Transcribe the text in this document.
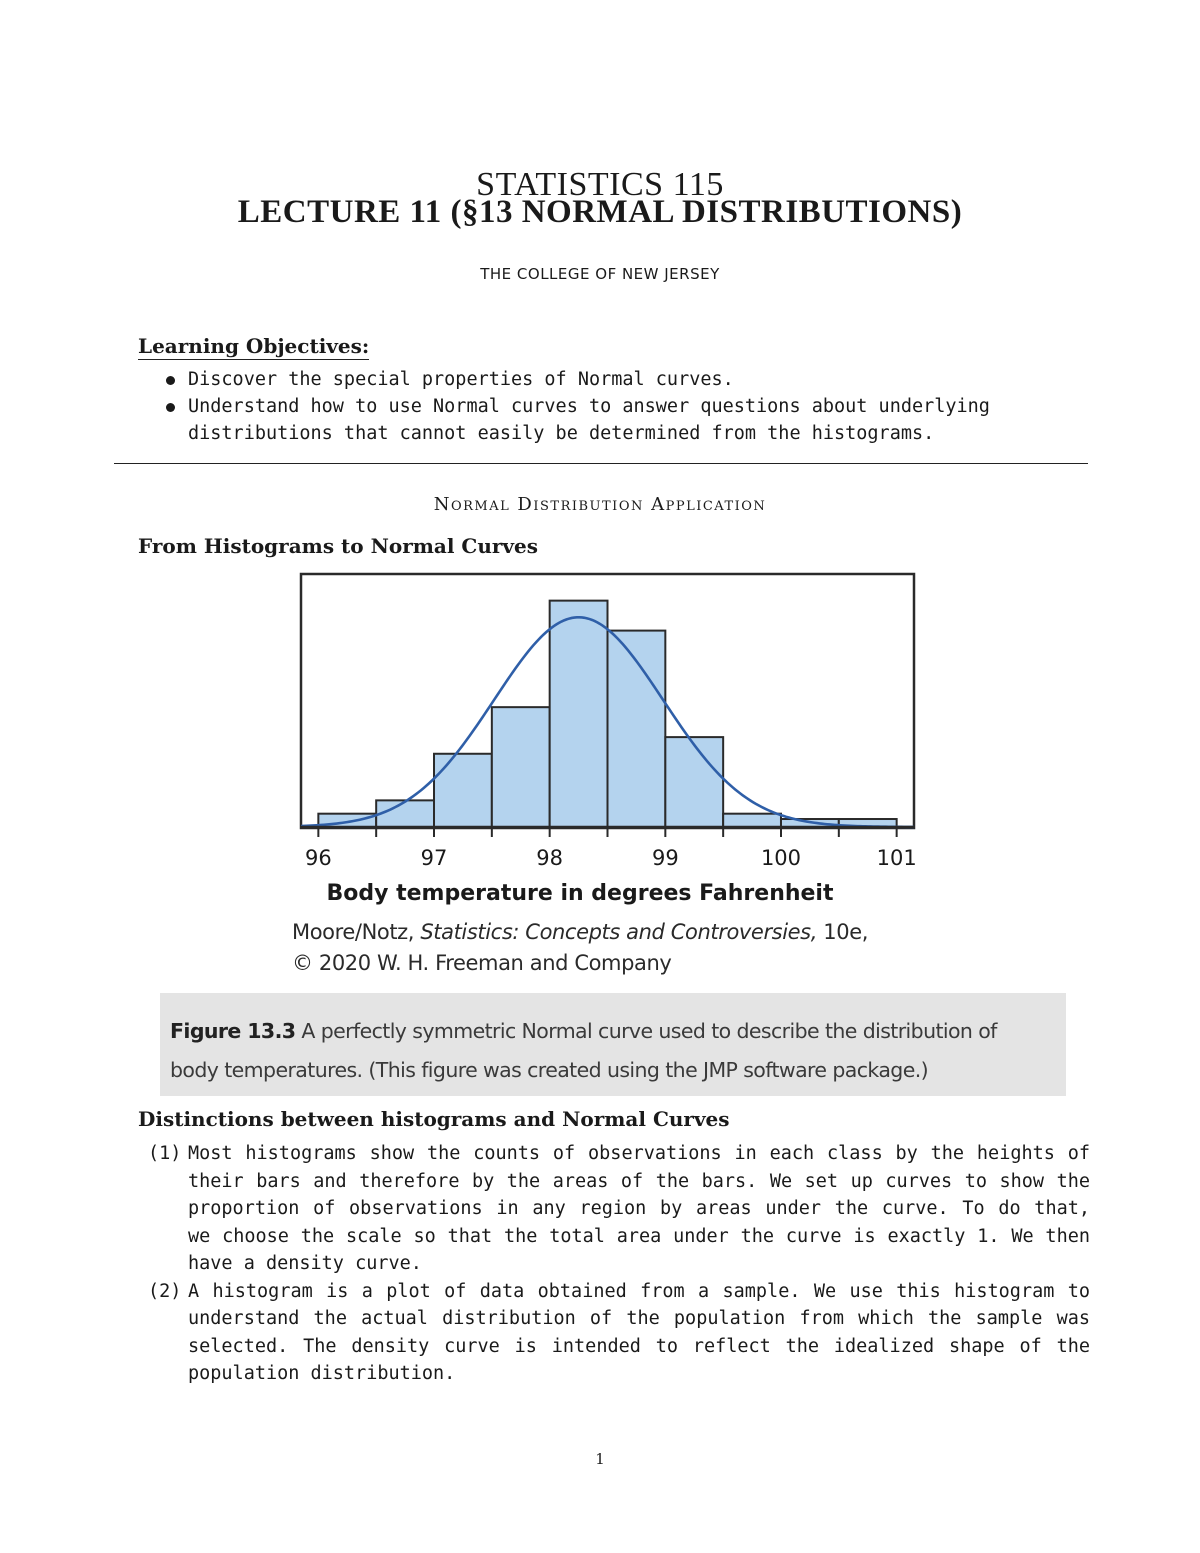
STATISTICS 115
LECTURE 11 (§13 NORMAL DISTRIBUTIONS)
THE COLLEGE OF NEW JERSEY
Learning Objectives:
Discover the special properties of Normal curves.
Understand how to use Normal curves to answer questions about underlying distributions that cannot easily be determined from the histograms.
Normal Distribution Application
From Histograms to Normal Curves
96	97	98	99	100	101
Body temperature in degrees Fahrenheit
Moore/Notz, Statistics: Concepts and Controversies, 10e,
© 2020 W. H. Freeman and Company
Figure 13.3 A perfectly symmetric Normal curve used to describe the distribution of body temperatures. (This figure was created using the JMP software package.)
Distinctions between histograms and Normal Curves
(1) Most histograms show the counts of observations in each class by the heights of their bars and therefore by the areas of the bars. We set up curves to show the proportion of observations in any region by areas under the curve. To do that, we choose the scale so that the total area under the curve is exactly 1. We then have a density curve.
(2) A histogram is a plot of data obtained from a sample. We use this histogram to understand the actual distribution of the population from which the sample was selected. The density curve is intended to reflect the idealized shape of the population distribution.
1
